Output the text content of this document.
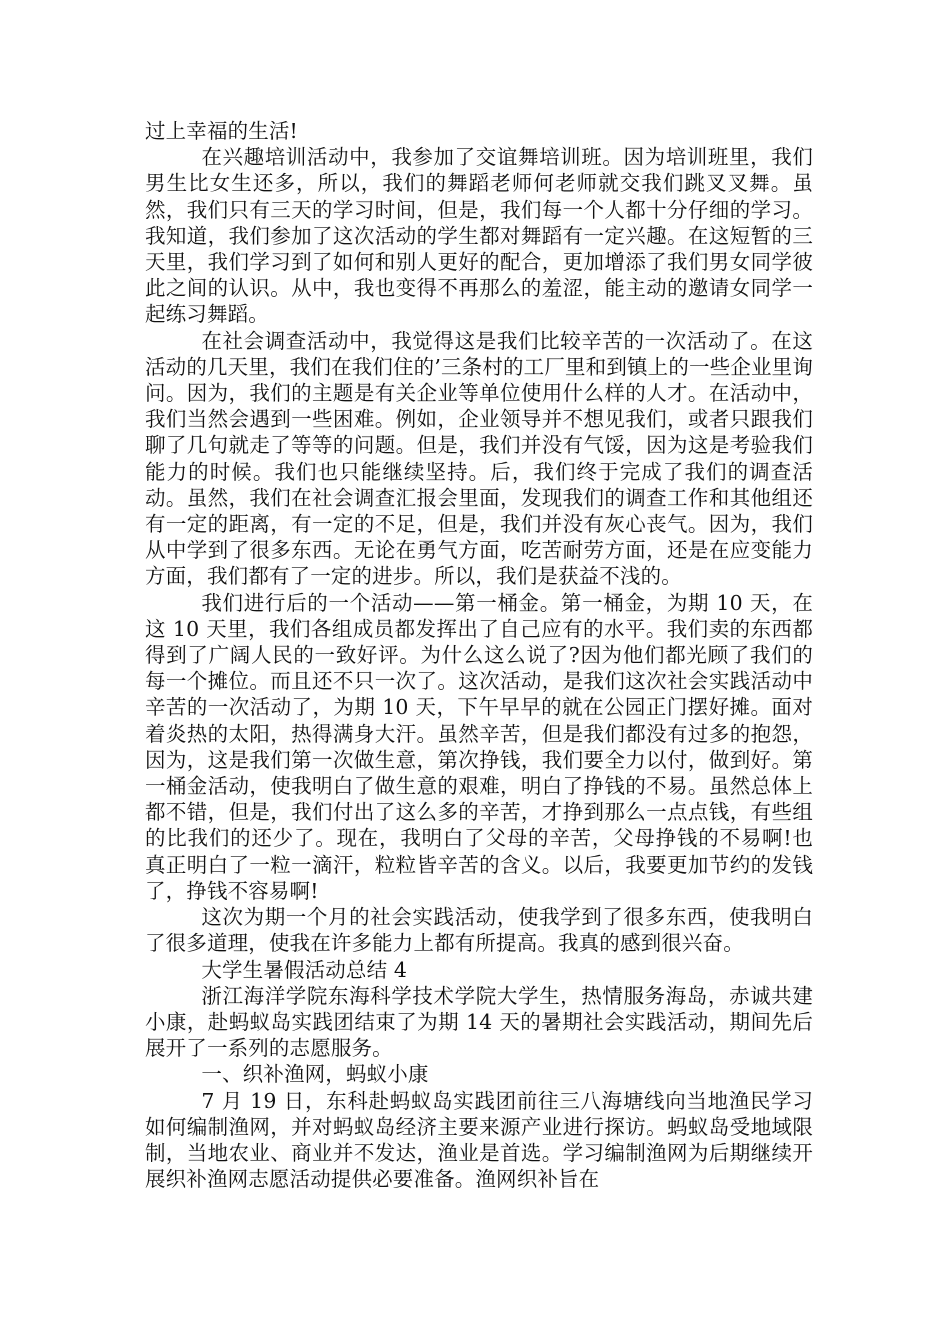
过上幸福的生活!

在兴趣培训活动中，我参加了交谊舞培训班。因为培训班里，我们男生比女生还多，所以，我们的舞蹈老师何老师就交我们跳叉叉舞。虽然，我们只有三天的学习时间，但是，我们每一个人都十分仔细的学习。我知道，我们参加了这次活动的学生都对舞蹈有一定兴趣。在这短暂的三天里，我们学习到了如何和别人更好的配合，更加增添了我们男女同学彼此之间的认识。从中，我也变得不再那么的羞涩，能主动的邀请女同学一起练习舞蹈。

在社会调查活动中，我觉得这是我们比较辛苦的一次活动了。在这活动的几天里，我们在我们住的’三条村的工厂里和到镇上的一些企业里询问。因为，我们的主题是有关企业等单位使用什么样的人才。在活动中，我们当然会遇到一些困难。例如，企业领导并不想见我们，或者只跟我们聊了几句就走了等等的问题。但是，我们并没有气馁，因为这是考验我们能力的时候。我们也只能继续坚持。后，我们终于完成了我们的调查活动。虽然，我们在社会调查汇报会里面，发现我们的调查工作和其他组还有一定的距离，有一定的不足，但是，我们并没有灰心丧气。因为，我们从中学到了很多东西。无论在勇气方面，吃苦耐劳方面，还是在应变能力方面，我们都有了一定的进步。所以，我们是获益不浅的。

我们进行后的一个活动——第一桶金。第一桶金，为期 10 天，在这 10 天里，我们各组成员都发挥出了自己应有的水平。我们卖的东西都得到了广阔人民的一致好评。为什么这么说了?因为他们都光顾了我们的每一个摊位。而且还不只一次了。这次活动，是我们这次社会实践活动中辛苦的一次活动了，为期 10 天，下午早早的就在公园正门摆好摊。面对着炎热的太阳，热得满身大汗。虽然辛苦，但是我们都没有过多的抱怨，因为，这是我们第一次做生意，第次挣钱，我们要全力以付，做到好。第一桶金活动，使我明白了做生意的艰难，明白了挣钱的不易。虽然总体上都不错，但是，我们付出了这么多的辛苦，才挣到那么一点点钱，有些组的比我们的还少了。现在，我明白了父母的辛苦，父母挣钱的不易啊!也真正明白了一粒一滴汗，粒粒皆辛苦的含义。以后，我要更加节约的发钱了，挣钱不容易啊!

这次为期一个月的社会实践活动，使我学到了很多东西，使我明白了很多道理，使我在许多能力上都有所提高。我真的感到很兴奋。

大学生暑假活动总结 4

浙江海洋学院东海科学技术学院大学生，热情服务海岛，赤诚共建小康，赴蚂蚁岛实践团结束了为期 14 天的暑期社会实践活动，期间先后展开了一系列的志愿服务。

一、织补渔网，蚂蚁小康

7 月 19 日，东科赴蚂蚁岛实践团前往三八海塘线向当地渔民学习如何编制渔网，并对蚂蚁岛经济主要来源产业进行探访。蚂蚁岛受地域限制，当地农业、商业并不发达，渔业是首选。学习编制渔网为后期继续开展织补渔网志愿活动提供必要准备。渔网织补旨在
